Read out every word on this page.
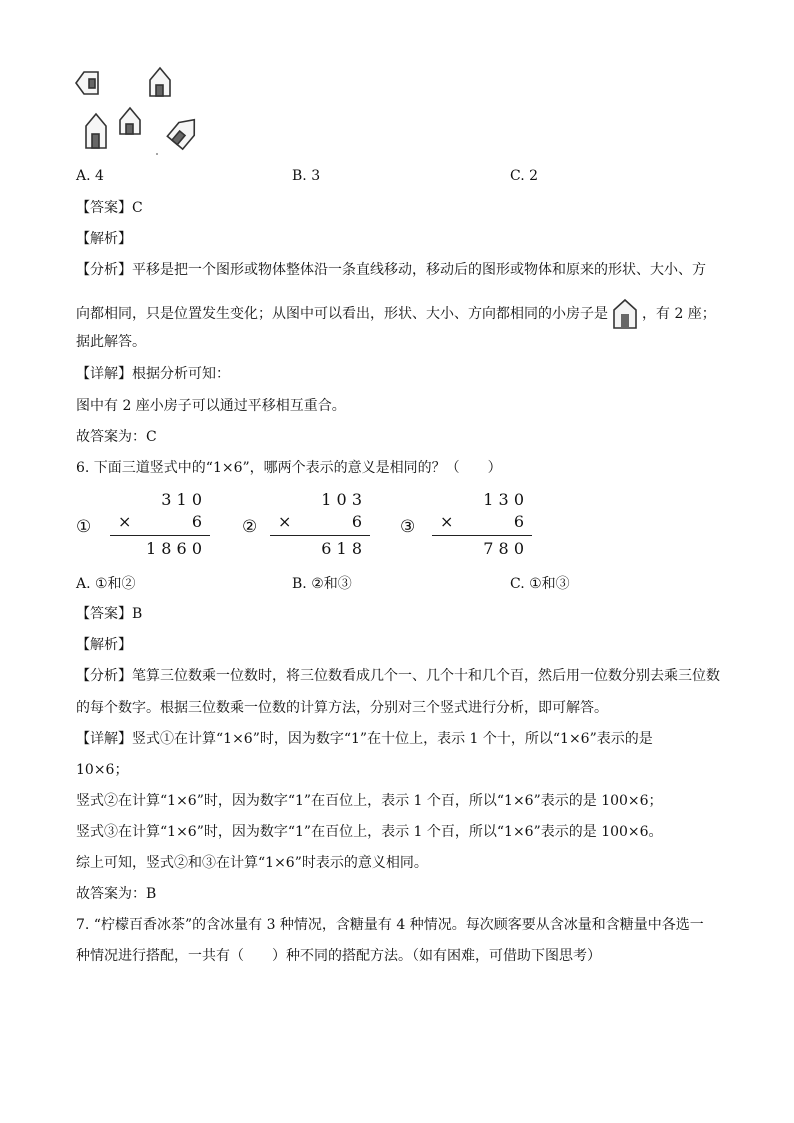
A. 4	B. 3	C. 2
【答案】C
【解析】
【分析】平移是把一个图形或物体整体沿一条直线移动，移动后的图形或物体和原来的形状、大小、方
向都相同，只是位置发生变化；从图中可以看出，形状、大小、方向都相同的小房子是 ，有 2 座；
据此解答。
【详解】根据分析可知：
图中有 2 座小房子可以通过平移相互重合。
故答案为：C
6. 下面三道竖式中的“1×6”，哪两个表示的意义是相同的？（　　）
①
3 1 0
×	6
1 8 6 0
②
1 0 3
×	6
6 1 8
③
1 3 0
×	6
7 8 0
A. ①和②	B. ②和③	C. ①和③
【答案】B
【解析】
【分析】笔算三位数乘一位数时，将三位数看成几个一、几个十和几个百，然后用一位数分别去乘三位数
的每个数字。根据三位数乘一位数的计算方法，分别对三个竖式进行分析，即可解答。
【详解】竖式①在计算“1×6”时，因为数字“1”在十位上，表示 1 个十，所以“1×6”表示的是
10×6；
竖式②在计算“1×6”时，因为数字“1”在百位上，表示 1 个百，所以“1×6”表示的是 100×6；
竖式③在计算“1×6”时，因为数字“1”在百位上，表示 1 个百，所以“1×6”表示的是 100×6。
综上可知，竖式②和③在计算“1×6”时表示的意义相同。
故答案为：B
7. “柠檬百香冰茶”的含冰量有 3 种情况，含糖量有 4 种情况。每次顾客要从含冰量和含糖量中各选一
种情况进行搭配，一共有（　　）种不同的搭配方法。（如有困难，可借助下图思考）
